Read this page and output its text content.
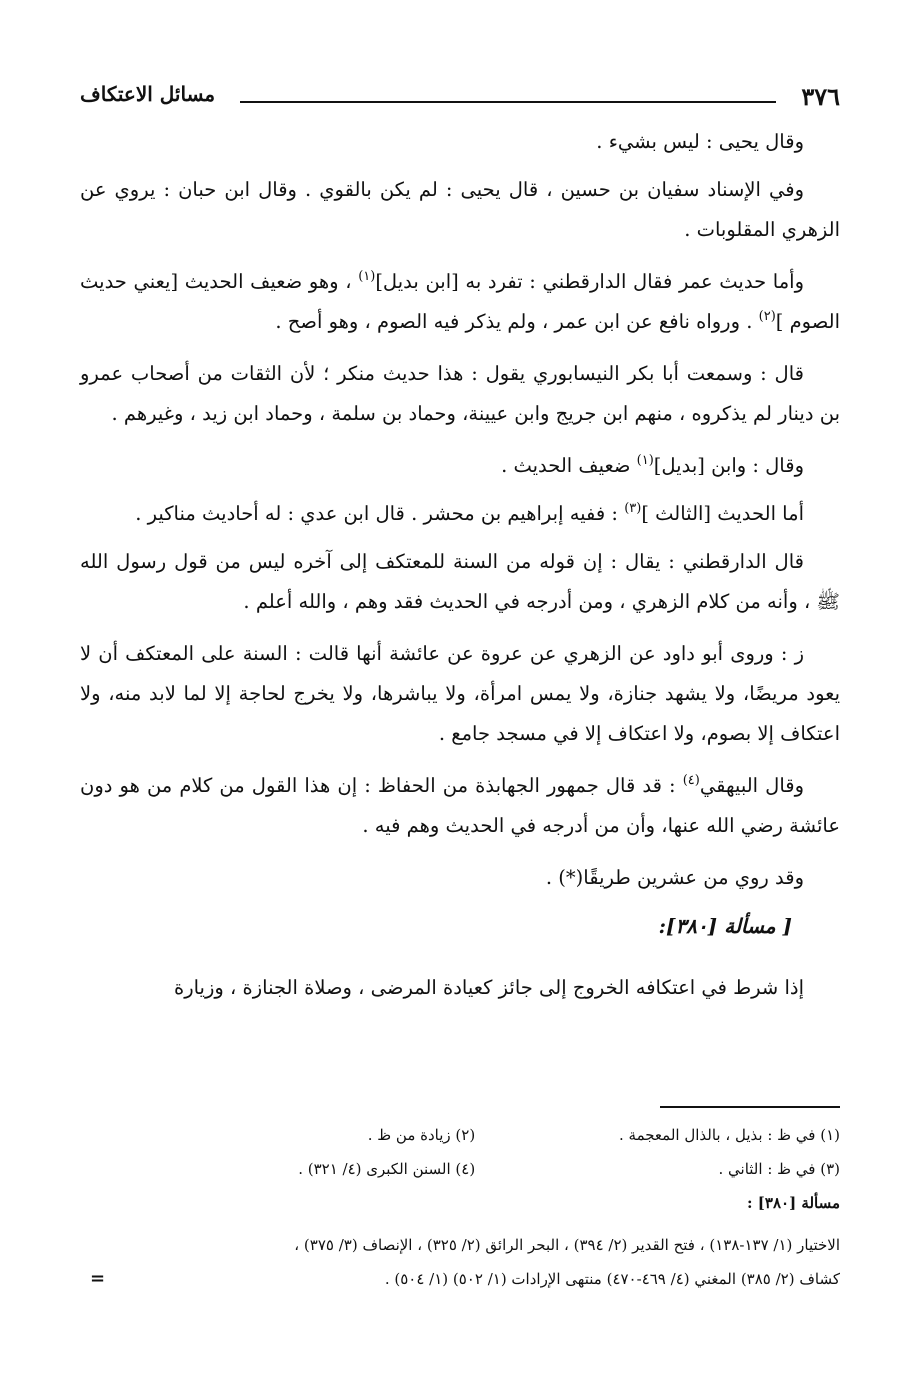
٣٧٦
مسائل الاعتكاف

وقال يحيى : ليس بشيء .

وفي الإسناد سفيان بن حسين ، قال يحيى : لم يكن بالقوي . وقال ابن حبان : يروي عن الزهري المقلوبات .

وأما حديث عمر فقال الدارقطني : تفرد به [ابن بديل]$^{(١)}$ ، وهو ضعيف الحديث [يعني حديث الصوم ]$^{(٢)}$ . ورواه نافع عن ابن عمر ، ولم يذكر فيه الصوم ، وهو أصح .

قال : وسمعت أبا بكر النيسابوري يقول : هذا حديث منكر ؛ لأن الثقات من أصحاب عمرو بن دينار لم يذكروه ، منهم ابن جريج وابن عيينة، وحماد بن سلمة ، وحماد ابن زيد ، وغيرهم .

وقال : وابن [بديل]$^{(١)}$ ضعيف الحديث .

أما الحديث [الثالث ]$^{(٣)}$ : ففيه إبراهيم بن محشر . قال ابن عدي : له أحاديث مناكير .

قال الدارقطني : يقال : إن قوله من السنة للمعتكف إلى آخره ليس من قول رسول الله ﷺ ، وأنه من كلام الزهري ، ومن أدرجه في الحديث فقد وهم ، والله أعلم .

ز : وروى أبو داود عن الزهري عن عروة عن عائشة أنها قالت : السنة على المعتكف أن لا يعود مريضًا، ولا يشهد جنازة، ولا يمس امرأة، ولا يباشرها، ولا يخرج لحاجة إلا لما لابد منه، ولا اعتكاف إلا بصوم، ولا اعتكاف إلا في مسجد جامع .

وقال البيهقي$^{(٤)}$ : قد قال جمهور الجهابذة من الحفاظ : إن هذا القول من كلام من هو دون عائشة رضي الله عنها، وأن من أدرجه في الحديث وهم فيه .

وقد روي من عشرين طريقًا(*) .

[ مسألة [٣٨٠]:

إذا شرط في اعتكافه الخروج إلى جائز كعيادة المرضى ، وصلاة الجنازة ، وزيارة

(١) في ظ : بذيل ، بالذال المعجمة .
(٢) زيادة من ظ .
(٣) في ظ : الثاني .
(٤) السنن الكبرى (٤/ ٣٢١) .
مسألة [٣٨٠] :
الاختيار (١/ ١٣٧-١٣٨) ، فتح القدير (٢/ ٣٩٤) ، البحر الرائق (٢/ ٣٢٥) ، الإنصاف (٣/ ٣٧٥) ،
كشاف (٢/ ٣٨٥) المغني (٤/ ٤٦٩-٤٧٠) منتهى الإرادات (١/ ٥٠٢) (١/ ٥٠٤) .
=
